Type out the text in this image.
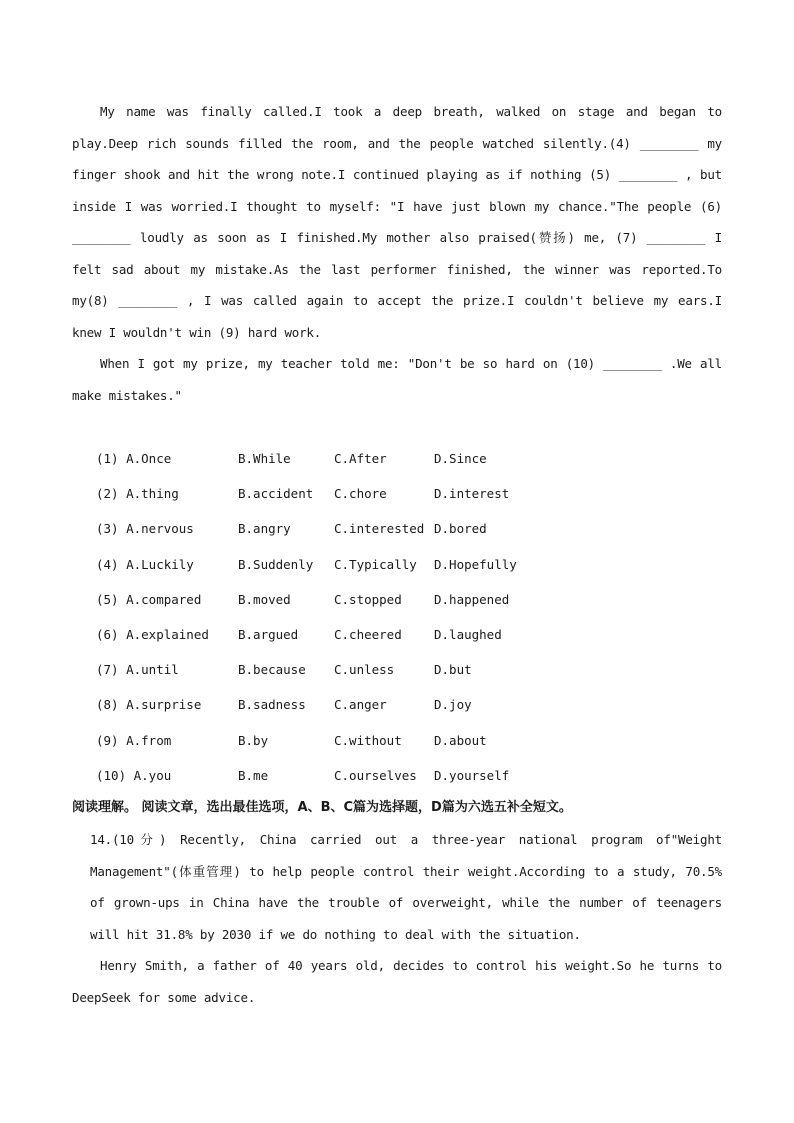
My name was finally called.I took a deep breath, walked on stage and began to play.Deep rich sounds filled the room, and the people watched silently.(4) ________ my finger shook and hit the wrong note.I continued playing as if nothing (5) ________ , but inside I was worried.I thought to myself: "I have just blown my chance."The people (6) ________ loudly as soon as I finished.My mother also praised(赞扬) me, (7) ________ I felt sad about my mistake.As the last performer finished, the winner was reported.To my(8) ________ , I was called again to accept the prize.I couldn't believe my ears.I knew I wouldn't win (9) hard work.

When I got my prize, my teacher told me: "Don't be so hard on (10) ________ .We all make mistakes."

(1) A.Once	B.While	C.After	D.Since
(2) A.thing	B.accident C.chore	D.interest
(3) A.nervous	B.angry	C.interested D.bored
(4) A.Luckily	B.Suddenly C.Typically D.Hopefully
(5) A.compared	B.moved	C.stopped	D.happened
(6) A.explained B.argued	C.cheered	D.laughed
(7) A.until	B.because C.unless	D.but
(8) A.surprise	B.sadness C.anger	D.joy
(9) A.from	B.by	C.without	D.about
(10) A.you	B.me	C.ourselves D.yourself
阅读理解。 阅读文章，选出最佳选项，A、B、C篇为选择题，D篇为六选五补全短文。

14.(10分) Recently, China carried out a three-year national program of"Weight Management"(体重管理) to help people control their weight.According to a study, 70.5% of grown-ups in China have the trouble of overweight, while the number of teenagers will hit 31.8% by 2030 if we do nothing to deal with the situation.

Henry Smith, a father of 40 years old, decides to control his weight.So he turns to DeepSeek for some advice.
